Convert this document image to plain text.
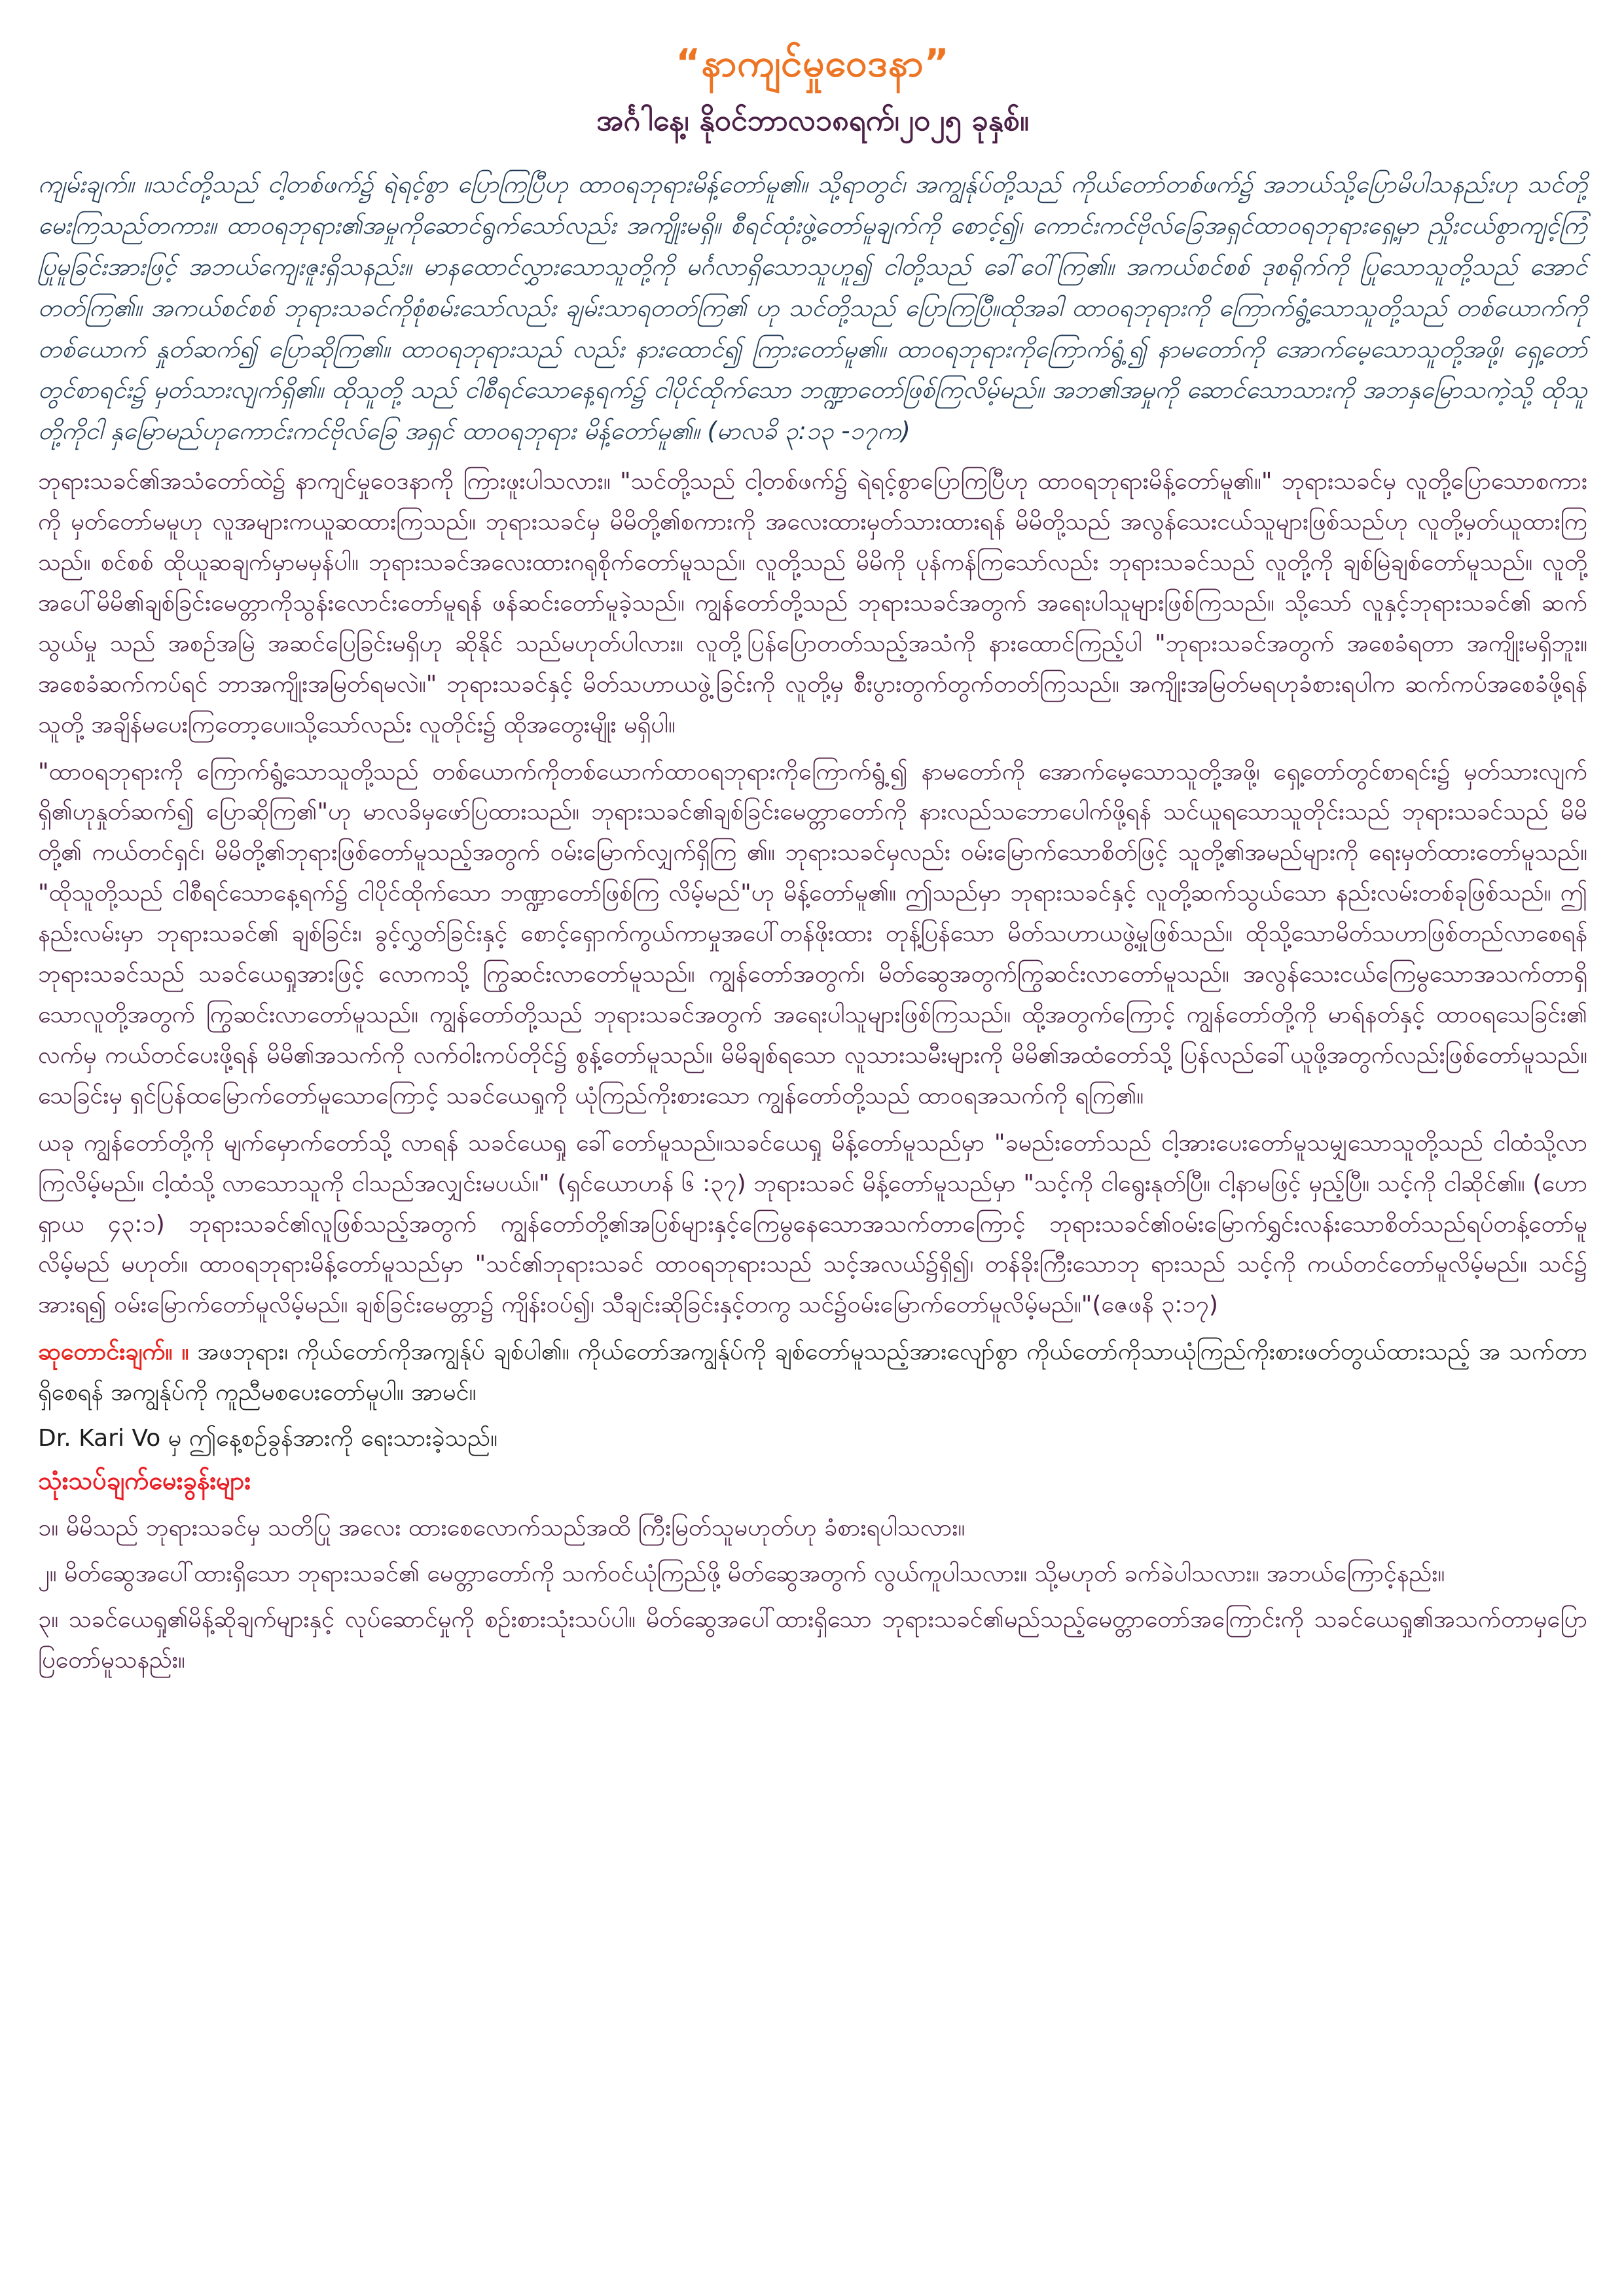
“နာကျင်မှုဝေဒနာ”
အင်္ဂါနေ့၊ နိုဝင်ဘာလ၁၈ရက်၊၂၀၂၅ ခုနှစ်။

ကျမ်းချက်။ ။သင်တို့သည် ငါ့တစ်ဖက်၌ ရဲရင့်စွာ ပြောကြပြီဟု ထာဝရဘုရားမိန့်တော်မူ၏။ သို့ရာတွင်၊ အကျွန်ုပ်တို့သည် ကိုယ်တော်တစ်ဖက်၌ အဘယ်သို့ပြောမိပါသနည်းဟု သင်တို့ မေးကြသည်တကား။ ထာဝရဘုရား၏အမှုကိုဆောင်ရွက်သော်လည်း အကျိုးမရှိ။ စီရင်ထုံးဖွဲ့တော်မူချက်ကို စောင့်၍၊ ကောင်းကင်ဗိုလ်ခြေအရှင်ထာဝရဘုရားရှေ့မှာ ညှိုးငယ်စွာကျင့်ကြံပြုမူခြင်းအားဖြင့် အဘယ်ကျေးဇူးရှိသနည်း။ မာနထောင်လွှားသောသူတို့ကို မင်္ဂလာရှိသောသူဟူ၍ ငါတို့သည် ခေါ်ဝေါ်ကြ၏။ အကယ်စင်စစ် ဒုစရိုက်ကို ပြုသောသူတို့သည် အောင်တတ်ကြ၏။ အကယ်စင်စစ် ဘုရားသခင်ကိုစုံစမ်းသော်လည်း ချမ်းသာရတတ်ကြ၏ ဟု သင်တို့သည် ပြောကြပြီ။ထိုအခါ ထာဝရဘုရားကို ကြောက်ရွံ့သောသူတို့သည် တစ်ယောက်ကိုတစ်ယောက် နှုတ်ဆက်၍ ပြောဆိုကြ၏။ ထာဝရဘုရားသည် လည်း နားထောင်၍ ကြားတော်မူ၏။ ထာဝရဘုရားကိုကြောက်ရွံ့၍ နာမတော်ကို အောက်မေ့သောသူတို့အဖို့၊ ရှေ့တော်တွင်စာရင်း၌ မှတ်သားလျက်ရှိ၏။ ထိုသူတို့ သည် ငါစီရင်သောနေ့ရက်၌ ငါပိုင်ထိုက်သော ဘဏ္ဍာတော်ဖြစ်ကြလိမ့်မည်။ အဘ၏အမှုကို ဆောင်သောသားကို အဘနှမြောသကဲ့သို့ ထိုသူတို့ကိုငါ နှမြောမည်ဟုကောင်းကင်ဗိုလ်ခြေ အရှင် ထာဝရဘုရား မိန့်တော်မူ၏။ (မာလခိ ၃:၁၃ -၁၇က)

ဘုရားသခင်၏အသံတော်ထဲ၌ နာကျင်မှုဝေဒနာကို ကြားဖူးပါသလား။ "သင်တို့သည် ငါ့တစ်ဖက်၌ ရဲရင့်စွာပြောကြပြီဟု ထာဝရဘုရားမိန့်တော်မူ၏။" ဘုရားသခင်မှ လူတို့ပြောသောစကားကို မှတ်တော်မမူဟု လူအများကယူဆထားကြသည်။ ဘုရားသခင်မှ မိမိတို့၏စကားကို အလေးထားမှတ်သားထားရန် မိမိတို့သည် အလွန်သေးငယ်သူများဖြစ်သည်ဟု လူတို့မှတ်ယူထားကြသည်။ စင်စစ် ထိုယူဆချက်မှာမမှန်ပါ။ ဘုရားသခင်အလေးထားဂရုစိုက်တော်မူသည်။ လူတို့သည် မိမိကို ပုန်ကန်ကြသော်လည်း ဘုရားသခင်သည် လူတို့ကို ချစ်မြဲချစ်တော်မူသည်။ လူတို့အပေါ်မိမိ၏ချစ်ခြင်းမေတ္တာကိုသွန်းလောင်းတော်မူရန် ဖန်ဆင်းတော်မူခဲ့သည်။ ကျွန်တော်တို့သည် ဘုရားသခင်အတွက် အရေးပါသူများဖြစ်ကြသည်။ သို့သော် လူနှင့်ဘုရားသခင်၏ ဆက်သွယ်မှု သည် အစဉ်အမြဲ အဆင်ပြေခြင်းမရှိဟု ဆိုနိုင် သည်မဟုတ်ပါလား။ လူတို့ပြန်ပြောတတ်သည့်အသံကို နားထောင်ကြည့်ပါ "ဘုရားသခင်အတွက် အစေခံရတာ အကျိုးမရှိဘူး။ အစေခံဆက်ကပ်ရင် ဘာအကျိုးအမြတ်ရမလဲ။" ဘုရားသခင်နှင့် မိတ်သဟာယဖွဲ့ခြင်းကို လူတို့မှ စီးပွားတွက်တွက်တတ်ကြသည်။ အကျိုးအမြတ်မရဟုခံစားရပါက ဆက်ကပ်အစေခံဖို့ရန် သူတို့ အချိန်မပေးကြတော့ပေ။သို့သော်လည်း လူတိုင်း၌ ထိုအတွေးမျိုး မရှိပါ။

"ထာဝရဘုရားကို ကြောက်ရွံ့သောသူတို့သည် တစ်ယောက်ကိုတစ်ယောက်ထာဝရဘုရားကိုကြောက်ရွံ့၍ နာမတော်ကို အောက်မေ့သောသူတို့အဖို့၊ ရှေ့တော်တွင်စာရင်း၌ မှတ်သားလျက်ရှိ၏ဟုနှုတ်ဆက်၍ ပြောဆိုကြ၏"ဟု မာလခိမှဖော်ပြထားသည်။ ဘုရားသခင်၏ချစ်ခြင်းမေတ္တာတော်ကို နားလည်သဘောပေါက်ဖို့ရန် သင်ယူရသောသူတိုင်းသည် ဘုရားသခင်သည် မိမိတို့၏ ကယ်တင်ရှင်၊ မိမိတို့၏ဘုရားဖြစ်တော်မူသည့်အတွက် ဝမ်းမြောက်လျှက်ရှိကြ ၏။ ဘုရားသခင်မှလည်း ဝမ်းမြောက်သောစိတ်ဖြင့် သူတို့၏အမည်များကို ရေးမှတ်ထားတော်မူသည်။ "ထိုသူတို့သည် ငါစီရင်သောနေ့ရက်၌ ငါပိုင်ထိုက်သော ဘဏ္ဍာတော်ဖြစ်ကြ လိမ့်မည်"ဟု မိန့်တော်မူ၏။ ဤသည်မှာ ဘုရားသခင်နှင့် လူတို့ဆက်သွယ်သော နည်းလမ်းတစ်ခုဖြစ်သည်။ ဤနည်းလမ်းမှာ ဘုရားသခင်၏ ချစ်ခြင်း၊ ခွင့်လွှတ်ခြင်းနှင့် စောင့်ရှောက်ကွယ်ကာမှုအပေါ်တန်ဖိုးထား တုန့်ပြန်သော မိတ်သဟာယဖွဲ့မှုဖြစ်သည်။ ထိုသို့သောမိတ်သဟာဖြစ်တည်လာစေရန် ဘုရားသခင်သည် သခင်ယေရှုအားဖြင့် လောကသို့ ကြွဆင်းလာတော်မူသည်။ ကျွန်တော်အတွက်၊ မိတ်ဆွေအတွက်ကြွဆင်းလာတော်မူသည်။ အလွန်သေးငယ်ကြေမွသောအသက်တာရှိသောလူတို့အတွက် ကြွဆင်းလာတော်မူသည်။ ကျွန်တော်တို့သည် ဘုရားသခင်အတွက် အရေးပါသူများဖြစ်ကြသည်။ ထို့အတွက်ကြောင့် ကျွန်တော်တို့ကို မာရ်နတ်နှင့် ထာဝရသေခြင်း၏ လက်မှ ကယ်တင်ပေးဖို့ရန် မိမိ၏အသက်ကို လက်ဝါးကပ်တိုင်၌ စွန့်တော်မူသည်။ မိမိချစ်ရသော လူသားသမီးများကို မိမိ၏အထံတော်သို့ ပြန်လည်ခေါ်ယူဖို့အတွက်လည်းဖြစ်တော်မူသည်။ သေခြင်းမှ ရှင်ပြန်ထမြောက်တော်မူသောကြောင့် သခင်ယေရှုကို ယုံကြည်ကိုးစားသော ကျွန်တော်တို့သည် ထာဝရအသက်ကို ရကြ၏။

ယခု ကျွန်တော်တို့ကို မျက်မှောက်တော်သို့ လာရန် သခင်ယေရှု ခေါ်တော်မူသည်။သခင်ယေရှု မိန့်တော်မူသည်မှာ "ခမည်းတော်သည် ငါ့အားပေးတော်မူသမျှသောသူတို့သည် ငါထံသို့လာကြလိမ့်မည်။ ငါ့ထံသို့ လာသောသူကို ငါသည်အလျှင်းမပယ်။" (ရှင်ယောဟန် ၆ :၃၇) ဘုရားသခင် မိန့်တော်မူသည်မှာ "သင့်ကို ငါရွေးနုတ်ပြီ။ ငါ့နာမဖြင့် မှည့်ပြီ။ သင့်ကို ငါဆိုင်၏။ (ဟောရှာယ ၄၃:၁) ဘုရားသခင်၏လူဖြစ်သည့်အတွက် ကျွန်တော်တို့၏အပြစ်များနှင့်ကြေမွနေသောအသက်တာကြောင့် ဘုရားသခင်၏ဝမ်းမြောက်ရွှင်းလန်းသောစိတ်သည်ရပ်တန့်တော်မူလိမ့်မည် မဟုတ်။ ထာဝရဘုရားမိန့်တော်မူသည်မှာ "သင်၏ဘုရားသခင် ထာဝရဘုရားသည် သင့်အလယ်၌ရှိ၍၊ တန်ခိုးကြီးသောဘု ရားသည် သင့်ကို ကယ်တင်တော်မူလိမ့်မည်။ သင်၌ အားရ၍ ဝမ်းမြောက်တော်မူလိမ့်မည်။ ချစ်ခြင်းမေတ္တာ၌ ကျိန်းဝပ်၍၊ သီချင်းဆိုခြင်းနှင့်တကွ သင်၌ဝမ်းမြောက်တော်မူလိမ့်မည်။"(ဇေဖနိ ၃:၁၇)

ဆုတောင်းချက်။ ။ အဖဘုရား၊ ကိုယ်တော်ကိုအကျွန်ုပ် ချစ်ပါ၏။ ကိုယ်တော်အကျွန်ုပ်ကို ချစ်တော်မူသည့်အားလျော်စွာ ကိုယ်တော်ကိုသာယုံကြည်ကိုးစားဖတ်တွယ်ထားသည့် အ သက်တာရှိစေရန် အကျွန်ုပ်ကို ကူညီမစပေးတော်မူပါ။ အာမင်။

Dr. Kari Vo မှ ဤနေ့စဉ်ခွန်အားကို ရေးသားခဲ့သည်။

သုံးသပ်ချက်မေးခွန်းများ

၁။ မိမိသည် ဘုရားသခင်မှ သတိပြု အလေး ထားစေလောက်သည်အထိ ကြီးမြတ်သူမဟုတ်ဟု ခံစားရပါသလား။

၂။ မိတ်ဆွေအပေါ်ထားရှိသော ဘုရားသခင်၏ မေတ္တာတော်ကို သက်ဝင်ယုံကြည်ဖို့ မိတ်ဆွေအတွက် လွယ်ကူပါသလား။ သို့မဟုတ် ခက်ခဲပါသလား။ အဘယ်ကြောင့်နည်း။

၃။ သခင်ယေရှု၏မိန့်ဆိုချက်များနှင့် လုပ်ဆောင်မှုကို စဉ်းစားသုံးသပ်ပါ။ မိတ်ဆွေအပေါ်ထားရှိသော ဘုရားသခင်၏မည်သည့်မေတ္တာတော်အကြောင်းကို သခင်ယေရှု၏အသက်တာမှပြောပြတော်မူသနည်း။
